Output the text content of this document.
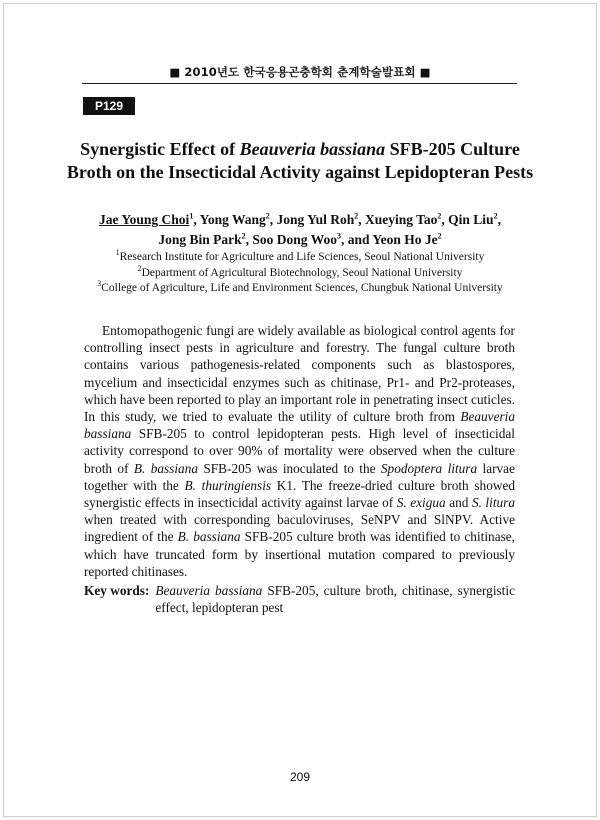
■ 2010년도 한국응용곤충학회 춘계학술발표회 ■
P129
Synergistic Effect of Beauveria bassiana SFB-205 Culture
Broth on the Insecticidal Activity against Lepidopteran Pests
Jae Young Choi$^1$, Yong Wang$^2$, Jong Yul Roh$^2$, Xueying Tao$^2$, Qin Liu$^2$,
Jong Bin Park$^2$, Soo Dong Woo$^3$, and Yeon Ho Je$^2$
$^1$Research Institute for Agriculture and Life Sciences, Seoul National University
$^2$Department of Agricultural Biotechnology, Seoul National University
$^3$College of Agriculture, Life and Environment Sciences, Chungbuk National University

Entomopathogenic fungi are widely available as biological control agents for controlling insect pests in agriculture and forestry. The fungal culture broth contains various pathogenesis-related components such as blastospores, mycelium and insecticidal enzymes such as chitinase, Pr1- and Pr2-proteases, which have been reported to play an important role in penetrating insect cuticles. In this study, we tried to evaluate the utility of culture broth from Beauveria bassiana SFB-205 to control lepidopteran pests. High level of insecticidal activity correspond to over 90% of mortality were observed when the culture broth of B. bassiana SFB-205 was inoculated to the Spodoptera litura larvae together with the B. thuringiensis K1. The freeze-dried culture broth showed synergistic effects in insecticidal activity against larvae of S. exigua and S. litura when treated with corresponding baculoviruses, SeNPV and SlNPV. Active ingredient of the B. bassiana SFB-205 culture broth was identified to chitinase, which have truncated form by insertional mutation compared to previously reported chitinases.

Key words: Beauveria bassiana SFB-205, culture broth, chitinase, synergistic effect, lepidopteran pest
209
